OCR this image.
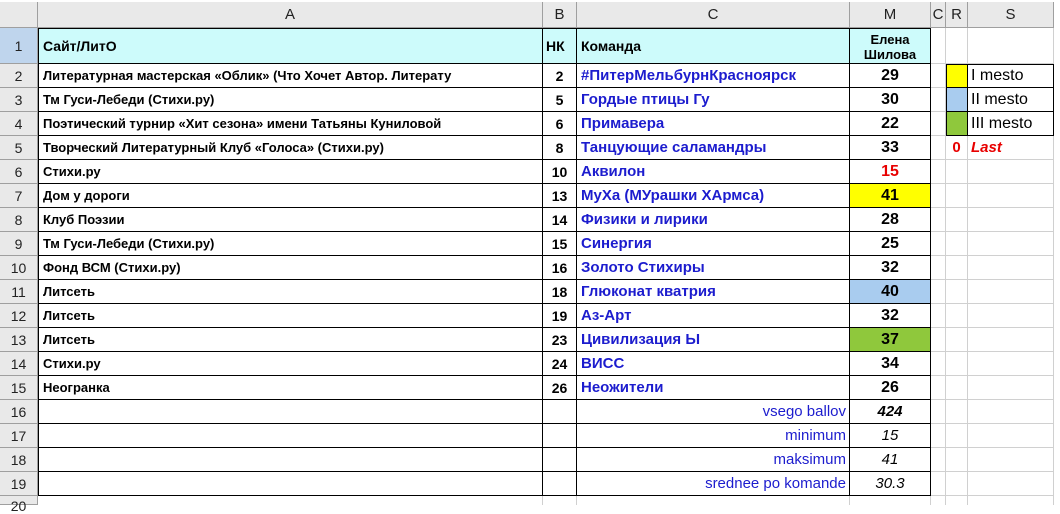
A	B	C	M	C R	S
1	Сайт/ЛитО	НК	Команда	Елена Шилова
2	Литературная мастерская «Облик» (Что Хочет Автор. Литерату	2	#ПитерМельбурнКрасноярск	29	I mesto
3	Тм Гуси-Лебеди (Стихи.ру)	5	Гордые птицы Гу	30	II mesto
4	Поэтический турнир «Хит сезона» имени Татьяны Куниловой	6	Примавера	22	III mesto
5	Творческий Литературный Клуб «Голоса» (Стихи.ру)	8	Танцующие саламандры	33	0 Last
6	Стихи.ру	10 Аквилон	15
7	Дом у дороги	13 МуХа (МУрашки ХАрмса)	41
8	Клуб Поэзии	14 Физики и лирики	28
9	Тм Гуси-Лебеди (Стихи.ру)	15 Синергия	25
10	Фонд ВСМ (Стихи.ру)	16 Золото Стихиры	32
11	Литсеть	18 Глюконат кватрия	40
12	Литсеть	19 Аз-Арт	32
13	Литсеть	23 Цивилизация Ы	37
14	Стихи.ру	24 ВИСС	34
15	Неогранка	26 Неожители	26
16	vsego ballov	424
17	minimum	15
18	maksimum	41
19	srednee po komande	30.3
20
